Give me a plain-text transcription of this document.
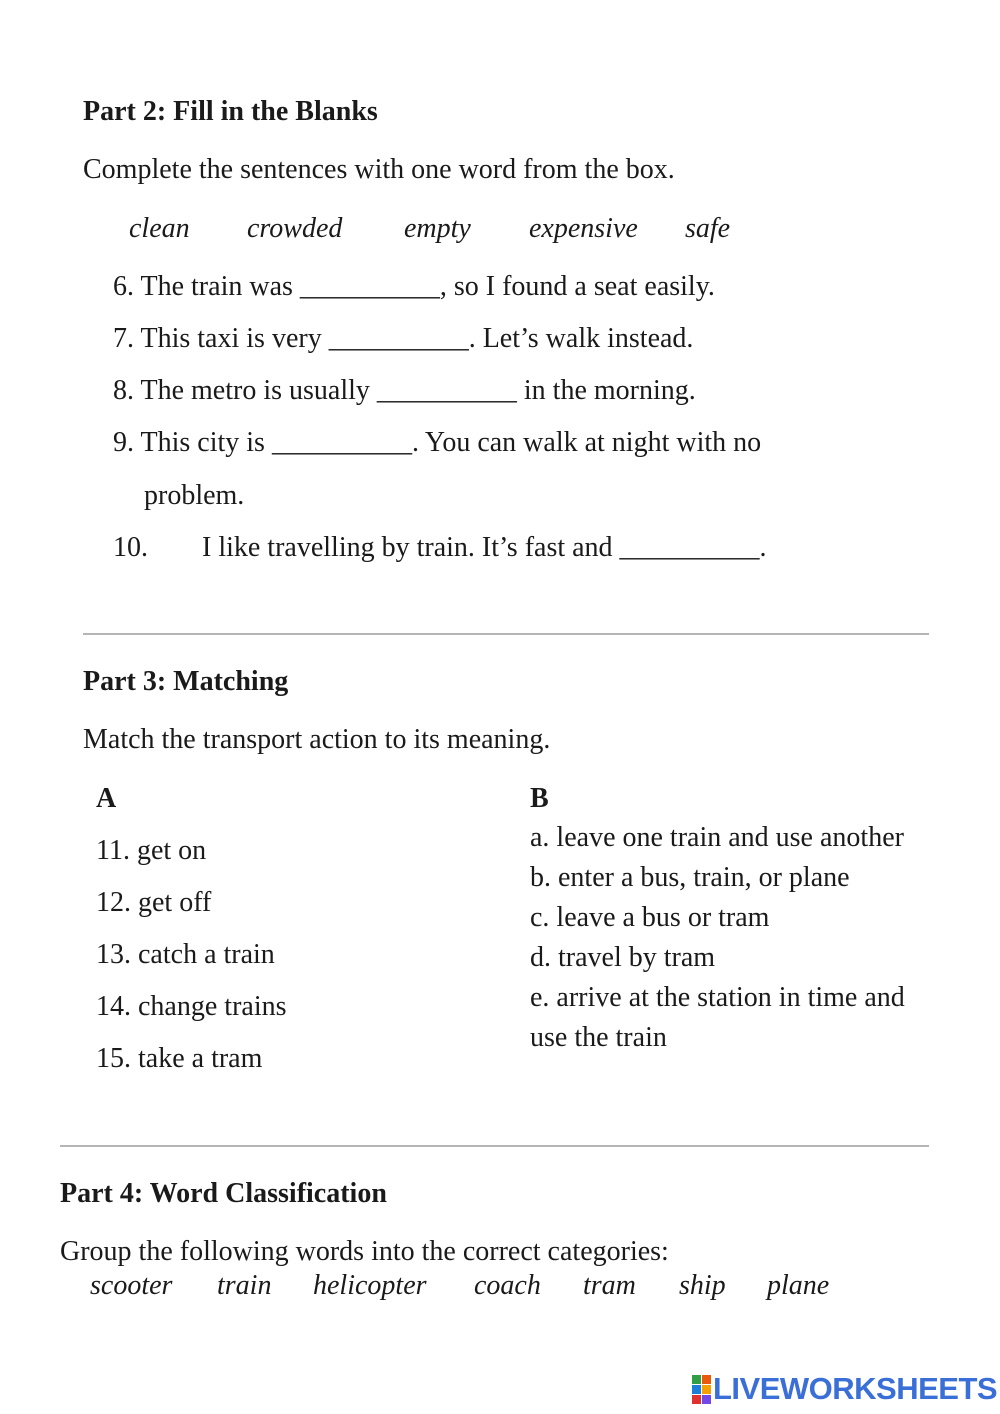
Part 2: Fill in the Blanks
Complete the sentences with one word from the box.
clean crowded empty expensive safe
6. The train was __________, so I found a seat easily.
7. This taxi is very __________. Let’s walk instead.
8. The metro is usually __________ in the morning.
9. This city is __________. You can walk at night with no
problem.
10. I like travelling by train. It’s fast and __________.
Part 3: Matching
Match the transport action to its meaning.
A	B
11. get on
12. get off
13. catch a train
14. change trains
15. take a tram
a. leave one train and use another
b. enter a bus, train, or plane
c. leave a bus or tram
d. travel by tram
e. arrive at the station in time and
use the train
Part 4: Word Classification
Group the following words into the correct categories:
scooter train helicopter coach tram ship plane
LIVEWORKSHEETS
